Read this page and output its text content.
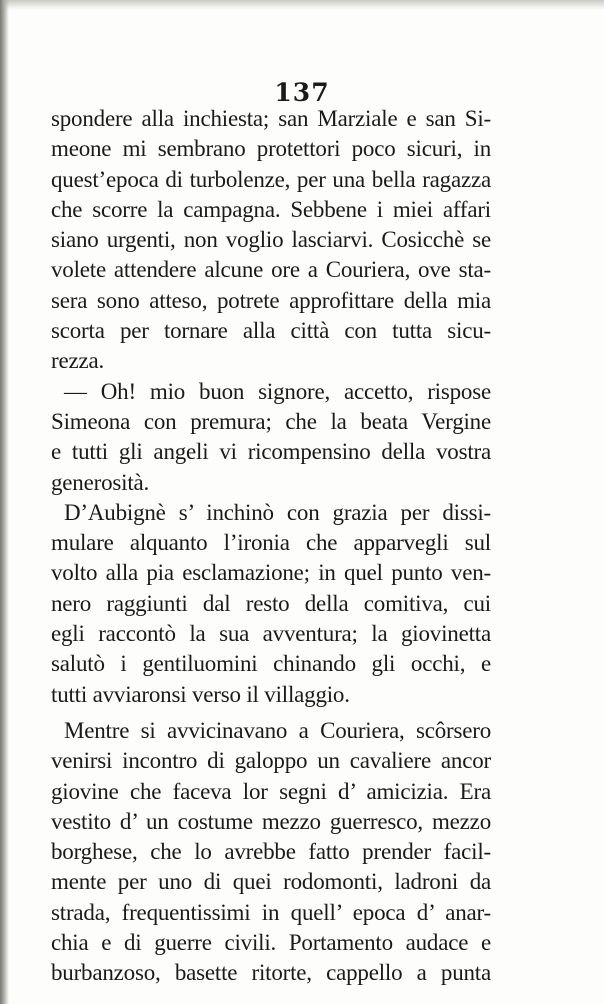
137
spondere alla inchiesta; san Marziale e san Si-
meone mi sembrano protettori poco sicuri, in
quest’epoca di turbolenze, per una bella ragazza
che scorre la campagna. Sebbene i miei affari
siano urgenti, non voglio lasciarvi. Cosicchè se
volete attendere alcune ore a Couriera, ove sta-
sera sono atteso, potrete approfittare della mia
scorta per tornare alla città con tutta sicu-
rezza.
— Oh! mio buon signore, accetto, rispose
Simeona con premura; che la beata Vergine
e tutti gli angeli vi ricompensino della vostra
generosità.
D’Aubignè s’ inchinò con grazia per dissi-
mulare alquanto l’ironia che apparvegli sul
volto alla pia esclamazione; in quel punto ven-
nero raggiunti dal resto della comitiva, cui
egli raccontò la sua avventura; la giovinetta
salutò i gentiluomini chinando gli occhi, e
tutti avviaronsi verso il villaggio.
Mentre si avvicinavano a Couriera, scôrsero
venirsi incontro di galoppo un cavaliere ancor
giovine che faceva lor segni d’ amicizia. Era
vestito d’ un costume mezzo guerresco, mezzo
borghese, che lo avrebbe fatto prender facil-
mente per uno di quei rodomonti, ladroni da
strada, frequentissimi in quell’ epoca d’ anar-
chia e di guerre civili. Portamento audace e
burbanzoso, basette ritorte, cappello a punta
